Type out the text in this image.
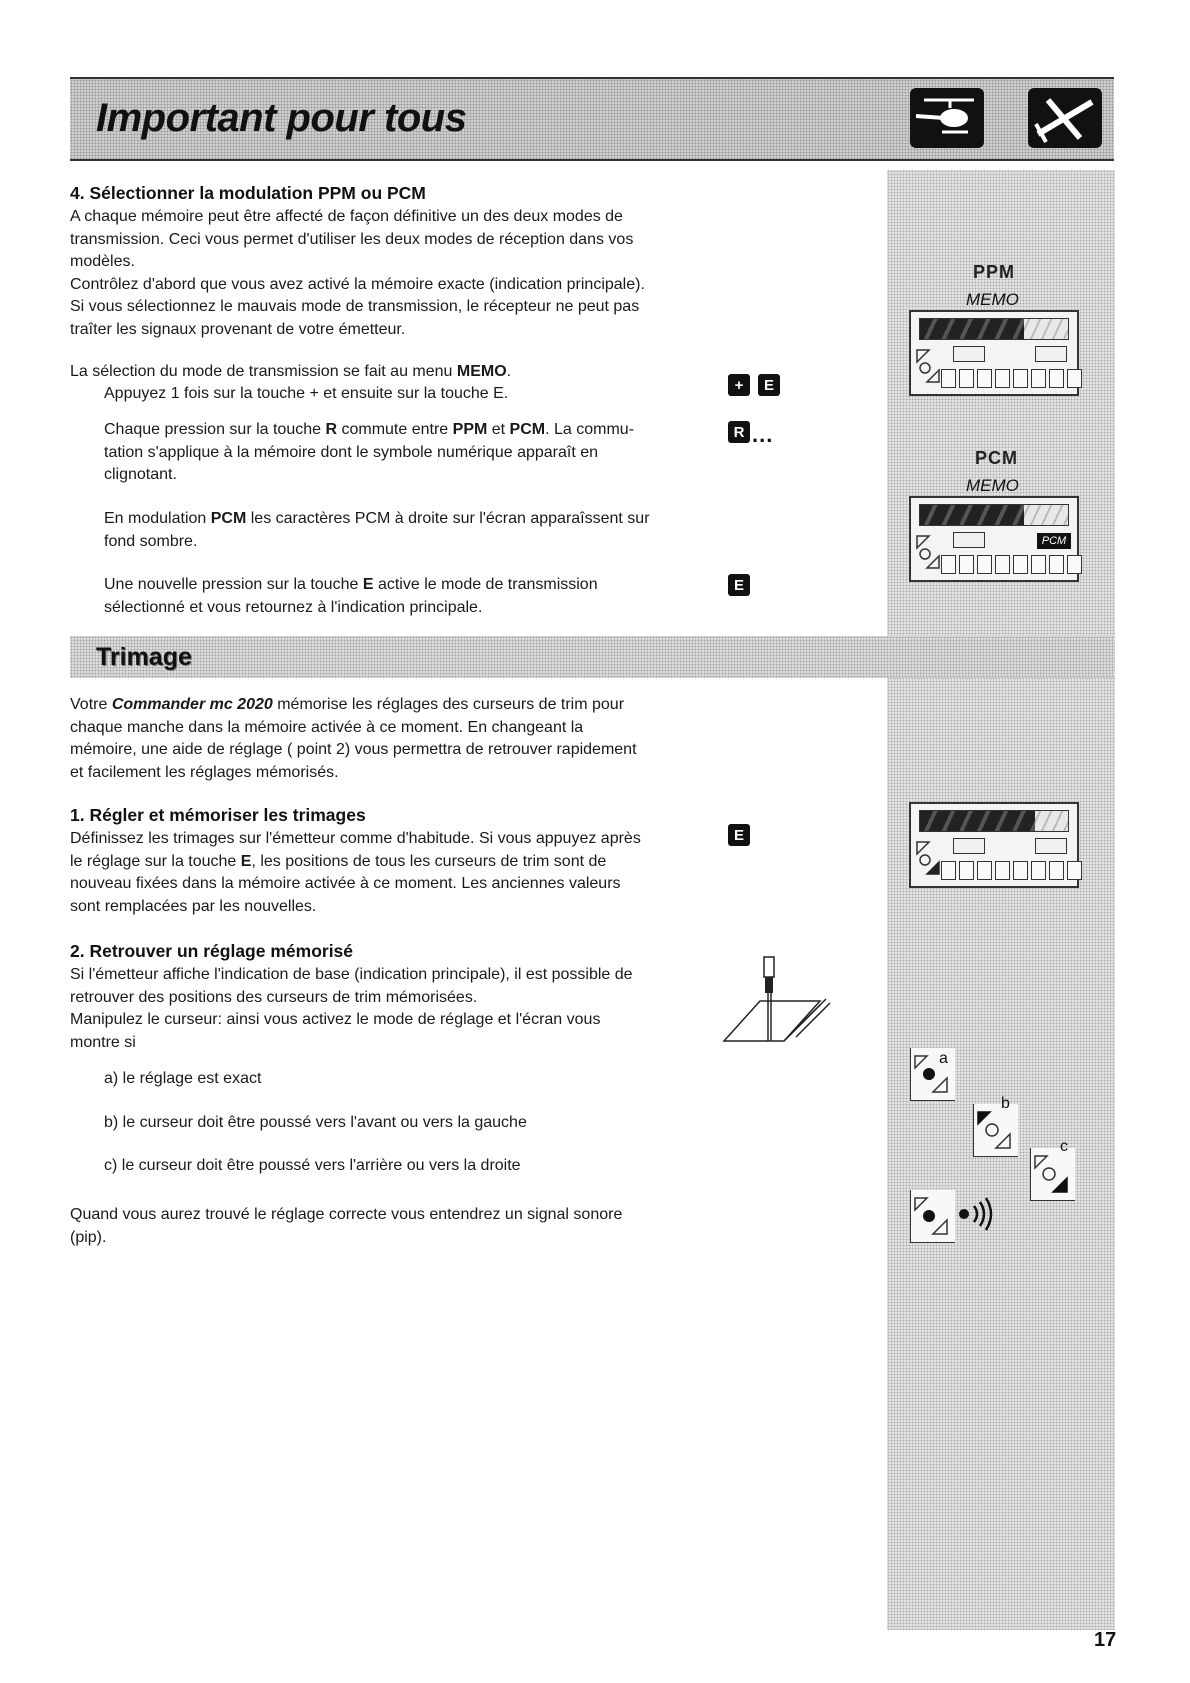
Important pour tous
4. Sélectionner la modulation PPM ou PCM
A chaque mémoire peut être affecté de façon définitive un des deux modes de
transmission. Ceci vous permet d'utiliser les deux modes de réception dans vos
modèles.
Contrôlez d'abord que vous avez activé la mémoire exacte (indication principale).
Si vous sélectionnez le mauvais mode de transmission, le récepteur ne peut pas
traîter les signaux provenant de votre émetteur.
La sélection du mode de transmission se fait au menu MEMO.
Appuyez 1 fois sur la touche + et ensuite sur la touche E.
Chaque pression sur la touche R commute entre PPM et PCM. La commu-
tation s'applique à la mémoire dont le symbole numérique apparaît en
clignotant.
En modulation PCM les caractères PCM à droite sur l'écran apparaîssent sur
fond sombre.
Une nouvelle pression sur la touche E active le mode de transmission
sélectionné et vous retournez à l'indication principale.
+	E
R ...
E
E
PPM
MEMO
PCM
MEMO
PCM
Trimage
Votre Commander mc 2020 mémorise les réglages des curseurs de trim pour
chaque manche dans la mémoire activée à ce moment. En changeant la
mémoire, une aide de réglage ( point 2) vous permettra de retrouver rapidement
et facilement les réglages mémorisés.
1. Régler et mémoriser les trimages
Définissez les trimages sur l'émetteur comme d'habitude. Si vous appuyez après
le réglage sur la touche E, les positions de tous les curseurs de trim sont de
nouveau fixées dans la mémoire activée à ce moment. Les anciennes valeurs
sont remplacées par les nouvelles.
2. Retrouver un réglage mémorisé
Si l'émetteur affiche l'indication de base (indication principale), il est possible de
retrouver des positions des curseurs de trim mémorisées.
Manipulez le curseur: ainsi vous activez le mode de réglage et l'écran vous
montre si
a) le réglage est exact
b) le curseur doit être poussé vers l'avant ou vers la gauche
c) le curseur doit être poussé vers l'arrière ou vers la droite
Quand vous aurez trouvé le réglage correcte vous entendrez un signal sonore
(pip).
a
b
c
17
